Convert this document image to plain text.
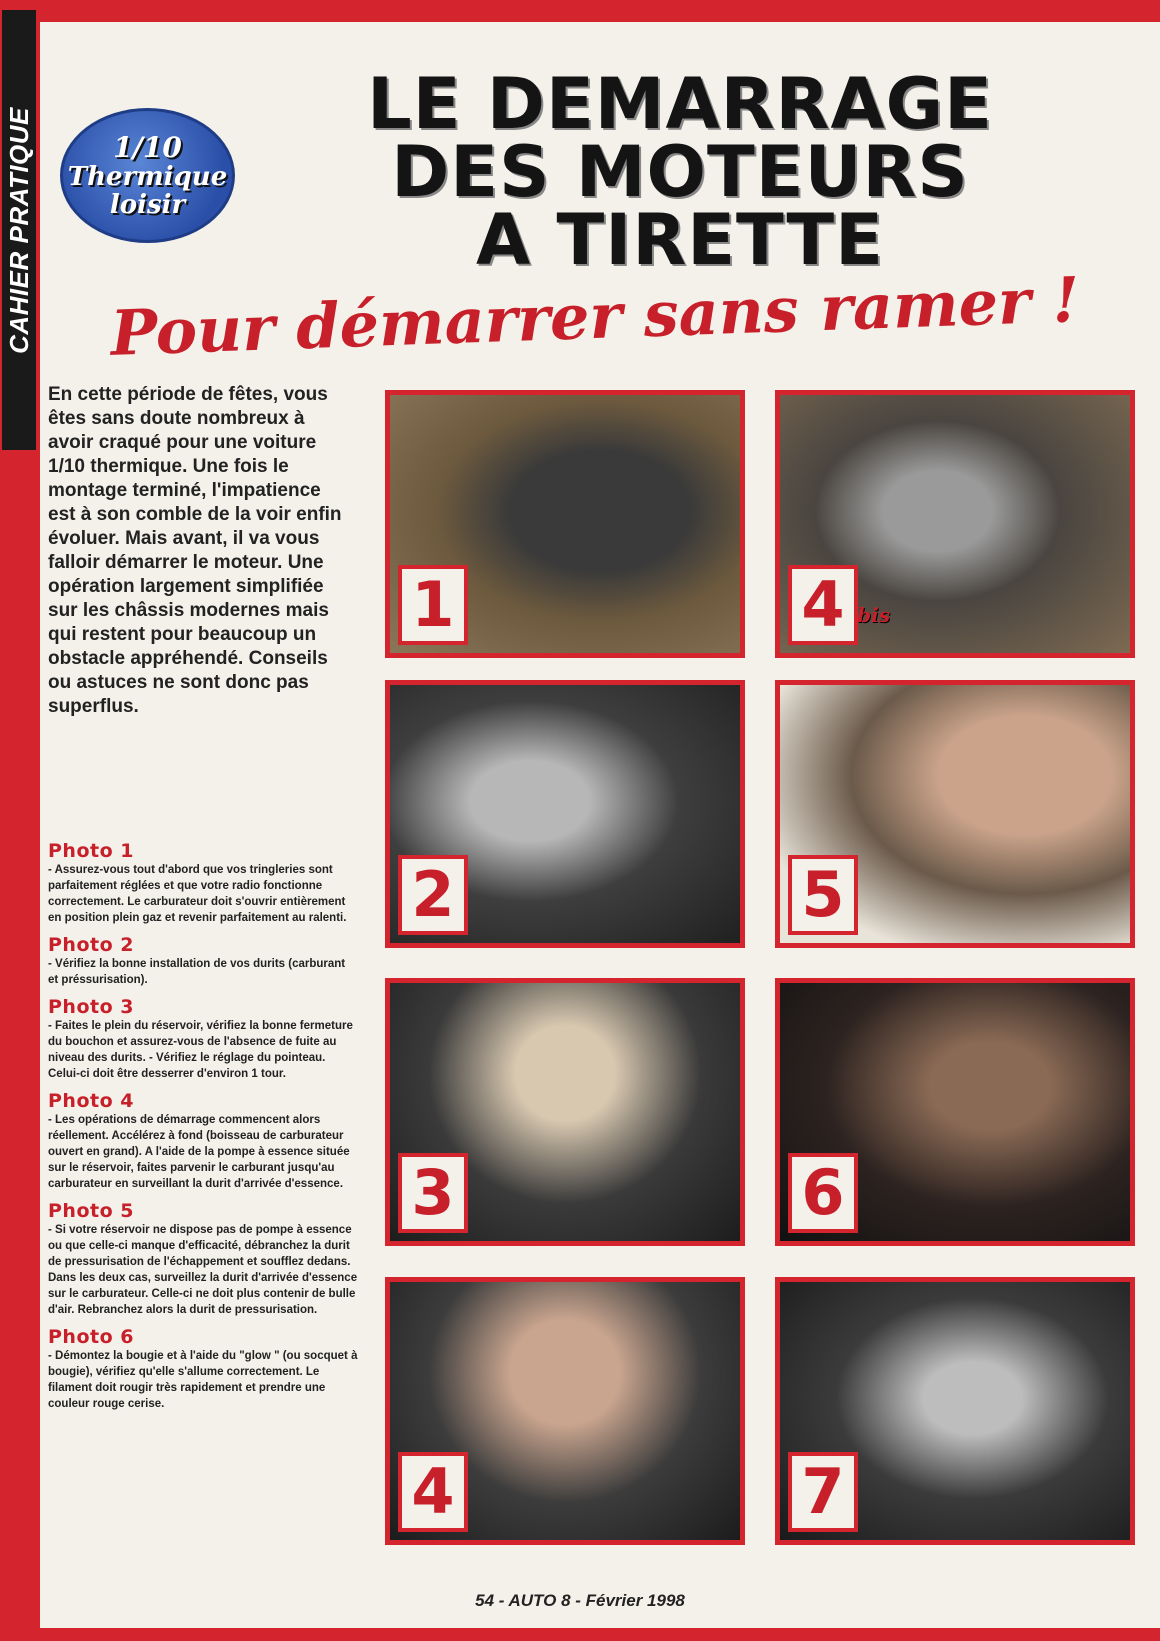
CAHIER PRATIQUE	1/10
Thermique
loisir
LE DEMARRAGE
DES MOTEURS
A TIRETTE
Pour démarrer sans ramer !
En cette période de fêtes, vous êtes sans doute nombreux à avoir craqué pour une voiture 1/10 thermique. Une fois le montage terminé, l'impatience est à son comble de la voir enfin évoluer. Mais avant, il va vous falloir démarrer le moteur. Une opération largement simplifiée sur les châssis modernes mais qui restent pour beaucoup un obstacle appréhendé. Conseils ou astuces ne sont donc pas superflus.
Photo 1

- Assurez-vous tout d'abord que vos tringleries sont parfaitement réglées et que votre radio fonctionne correctement. Le carburateur doit s'ouvrir entièrement en position plein gaz et revenir parfaitement au ralenti.

Photo 2

- Vérifiez la bonne installation de vos durits (carburant et préssurisation).

Photo 3

- Faites le plein du réservoir, vérifiez la bonne fermeture du bouchon et assurez-vous de l'absence de fuite au niveau des durits. - Vérifiez le réglage du pointeau. Celui-ci doit être desserrer d'environ 1 tour.

Photo 4

- Les opérations de démarrage commencent alors réellement. Accélérez à fond (boisseau de carburateur ouvert en grand). A l'aide de la pompe à essence située sur le réservoir, faites parvenir le carburant jusqu'au carburateur en surveillant la durit d'arrivée d'essence.

Photo 5

- Si votre réservoir ne dispose pas de pompe à essence ou que celle-ci manque d'efficacité, débranchez la durit de pressurisation de l'échappement et soufflez dedans. Dans les deux cas, surveillez la durit d'arrivée d'essence sur le carburateur. Celle-ci ne doit plus contenir de bulle d'air. Rebranchez alors la durit de pressurisation.

Photo 6

- Démontez la bougie et à l'aide du "glow " (ou socquet à bougie), vérifiez qu'elle s'allume correctement. Le filament doit rougir très rapidement et prendre une couleur rouge cerise.

1	4 bis
2	5
3	6
4	7
54 - AUTO 8 - Février 1998
